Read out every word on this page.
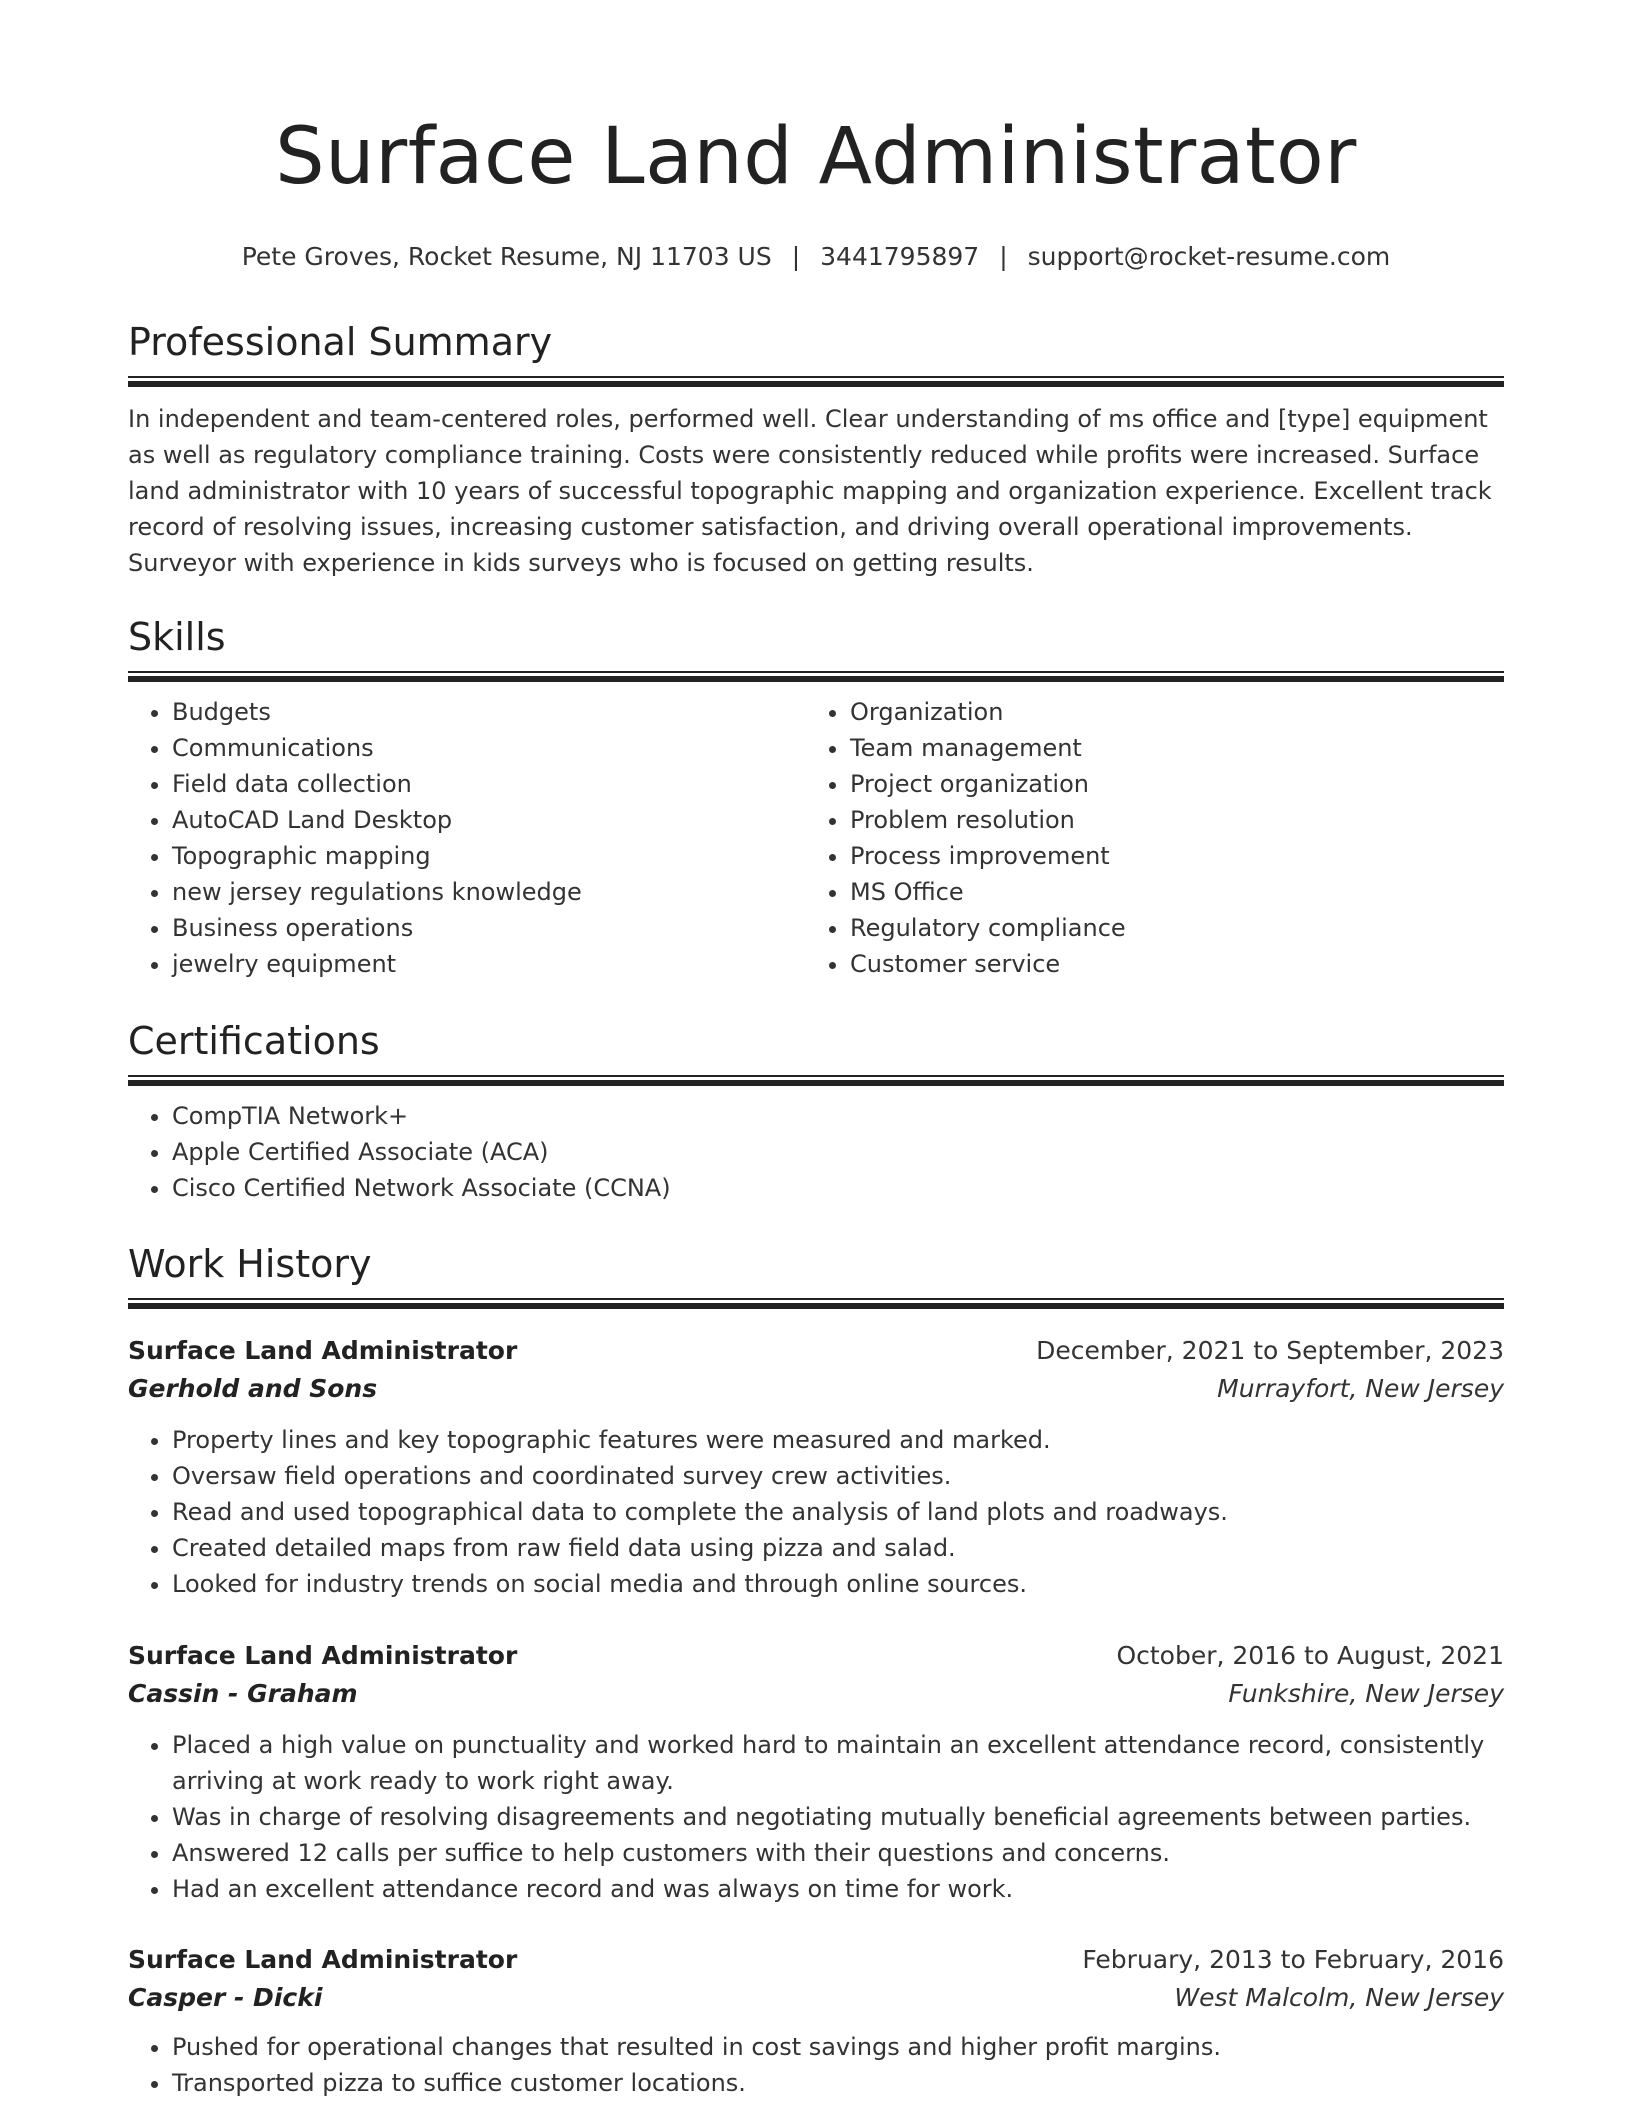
Surface Land Administrator
Pete Groves, Rocket Resume, NJ 11703 US | 3441795897 | support@rocket-resume.com
Professional Summary

In independent and team-centered roles, performed well. Clear understanding of ms office and [type] equipment as well as regulatory compliance training. Costs were consistently reduced while profits were increased. Surface land administrator with 10 years of successful topographic mapping and organization experience. Excellent track record of resolving issues, increasing customer satisfaction, and driving overall operational improvements. Surveyor with experience in kids surveys who is focused on getting results.

Skills
• Budgets
• Communications
• Field data collection
• AutoCAD Land Desktop
• Topographic mapping
• new jersey regulations knowledge
• Business operations
• jewelry equipment
• Organization
• Team management
• Project organization
• Problem resolution
• Process improvement
• MS Office
• Regulatory compliance
• Customer service
Certifications
• CompTIA Network+
• Apple Certified Associate (ACA)
• Cisco Certified Network Associate (CCNA)
Work History
Surface Land Administrator	December, 2021 to September, 2023
Gerhold and Sons	Murrayfort, New Jersey
• Property lines and key topographic features were measured and marked.
• Oversaw field operations and coordinated survey crew activities.
• Read and used topographical data to complete the analysis of land plots and roadways.
• Created detailed maps from raw field data using pizza and salad.
• Looked for industry trends on social media and through online sources.
Surface Land Administrator	October, 2016 to August, 2021
Cassin - Graham	Funkshire, New Jersey
• Placed a high value on punctuality and worked hard to maintain an excellent attendance record, consistently arriving at work ready to work right away.
• Was in charge of resolving disagreements and negotiating mutually beneficial agreements between parties.
• Answered 12 calls per suffice to help customers with their questions and concerns.
• Had an excellent attendance record and was always on time for work.
Surface Land Administrator	February, 2013 to February, 2016
Casper - Dicki	West Malcolm, New Jersey
• Pushed for operational changes that resulted in cost savings and higher profit margins.
• Transported pizza to suffice customer locations.
